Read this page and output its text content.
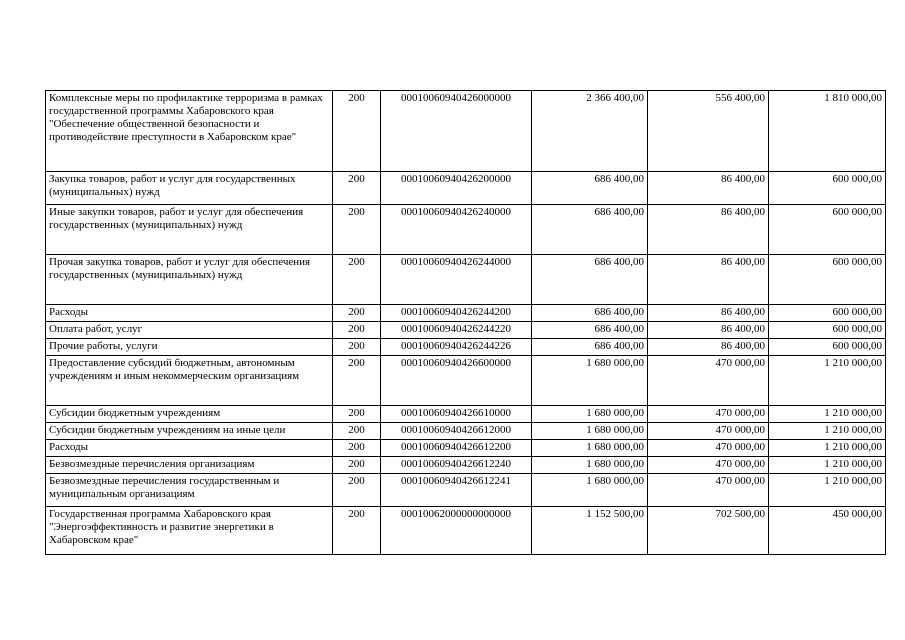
Комплексные меры по профилактике терроризма в рамках государственной программы Хабаровского края "Обеспечение общественной безопасности и противодействие преступности в Хабаровском крае"	200	00010060940426000000	2 366 400,00	556 400,00	1 810 000,00
Закупка товаров, работ и услуг для государственных (муниципальных) нужд	200	00010060940426200000	686 400,00	86 400,00	600 000,00
Иные закупки товаров, работ и услуг для обеспечения государственных (муниципальных) нужд	200	00010060940426240000	686 400,00	86 400,00	600 000,00
Прочая закупка товаров, работ и услуг для обеспечения государственных (муниципальных) нужд	200	00010060940426244000	686 400,00	86 400,00	600 000,00
Расходы	200	00010060940426244200	686 400,00	86 400,00	600 000,00
Оплата работ, услуг	200	00010060940426244220	686 400,00	86 400,00	600 000,00
Прочие работы, услуги	200	00010060940426244226	686 400,00	86 400,00	600 000,00
Предоставление субсидий бюджетным, автономным учреждениям и иным некоммерческим организациям	200	00010060940426600000	1 680 000,00	470 000,00	1 210 000,00
Субсидии бюджетным учреждениям	200	00010060940426610000	1 680 000,00	470 000,00	1 210 000,00
Субсидии бюджетным учреждениям на иные цели	200	00010060940426612000	1 680 000,00	470 000,00	1 210 000,00
Расходы	200	00010060940426612200	1 680 000,00	470 000,00	1 210 000,00
Безвозмездные перечисления организациям	200	00010060940426612240	1 680 000,00	470 000,00	1 210 000,00
Безвозмездные перечисления государственным и муниципальным организациям	200	00010060940426612241	1 680 000,00	470 000,00	1 210 000,00
Государственная программа Хабаровского края "Энергоэффективность и развитие энергетики в Хабаровском крае"	200	00010062000000000000	1 152 500,00	702 500,00	450 000,00
